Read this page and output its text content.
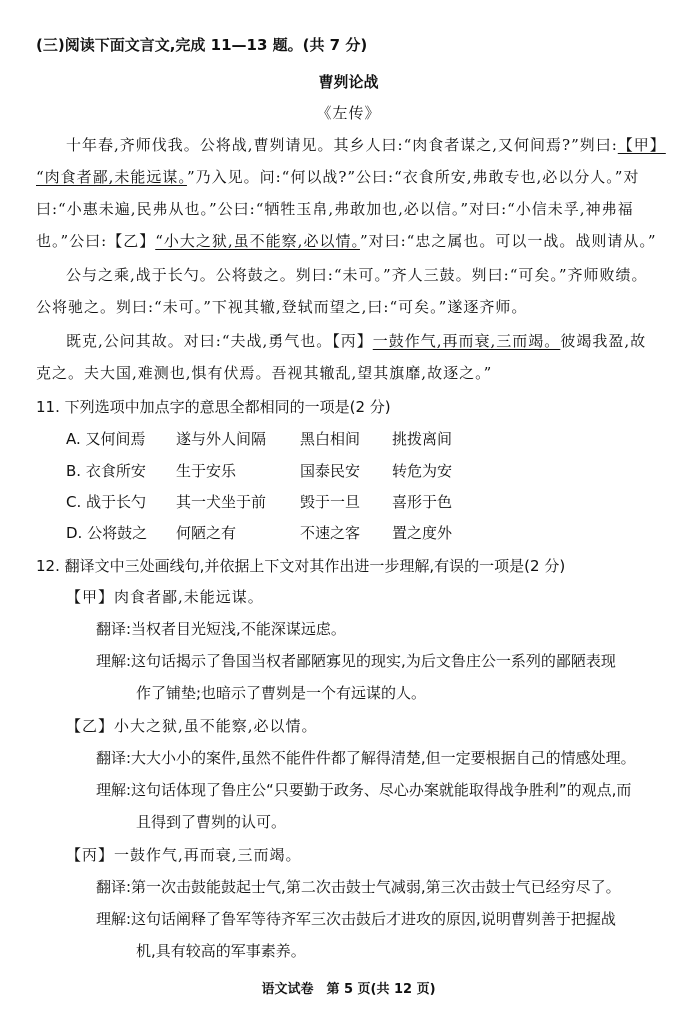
(三)阅读下面文言文,完成 11—13 题。(共 7 分)
曹刿论战
《左传》
十年春,齐师伐我。公将战,曹刿请见。其乡人曰:“肉食者谋之,又何间焉?”刿曰:【甲】
“肉食者鄙,未能远谋。”乃入见。问:“何以战?”公曰:“衣食所安,弗敢专也,必以分人。”对
曰:“小惠未遍,民弗从也。”公曰:“牺牲玉帛,弗敢加也,必以信。”对曰:“小信未孚,神弗福
也。”公曰:【乙】“小大之狱,虽不能察,必以情。”对曰:“忠之属也。可以一战。战则请从。”
公与之乘,战于长勺。公将鼓之。刿曰:“未可。”齐人三鼓。刿曰:“可矣。”齐师败绩。
公将驰之。刿曰:“未可。”下视其辙,登轼而望之,曰:“可矣。”遂逐齐师。
既克,公问其故。对曰:“夫战,勇气也。【丙】一鼓作气,再而衰,三而竭。彼竭我盈,故
克之。夫大国,难测也,惧有伏焉。吾视其辙乱,望其旗靡,故逐之。”
11. 下列选项中加点字的意思全都相同的一项是(2 分)
A. 又何间焉 遂与外人间隔 黑白相间 挑拨离间
B. 衣食所安 生于安乐	国泰民安 转危为安
C. 战于长勺 其一犬坐于前 毁于一旦 喜形于色
D. 公将鼓之 何陋之有	不速之客 置之度外
12. 翻译文中三处画线句,并依据上下文对其作出进一步理解,有误的一项是(2 分)
【甲】肉食者鄙,未能远谋。
翻译:当权者目光短浅,不能深谋远虑。
理解:这句话揭示了鲁国当权者鄙陋寡见的现实,为后文鲁庄公一系列的鄙陋表现
作了铺垫;也暗示了曹刿是一个有远谋的人。
【乙】小大之狱,虽不能察,必以情。
翻译:大大小小的案件,虽然不能件件都了解得清楚,但一定要根据自己的情感处理。
理解:这句话体现了鲁庄公“只要勤于政务、尽心办案就能取得战争胜利”的观点,而
且得到了曹刿的认可。
【丙】一鼓作气,再而衰,三而竭。
翻译:第一次击鼓能鼓起士气,第二次击鼓士气减弱,第三次击鼓士气已经穷尽了。
理解:这句话阐释了鲁军等待齐军三次击鼓后才进攻的原因,说明曹刿善于把握战
机,具有较高的军事素养。
语文试卷　第 5 页(共 12 页)
